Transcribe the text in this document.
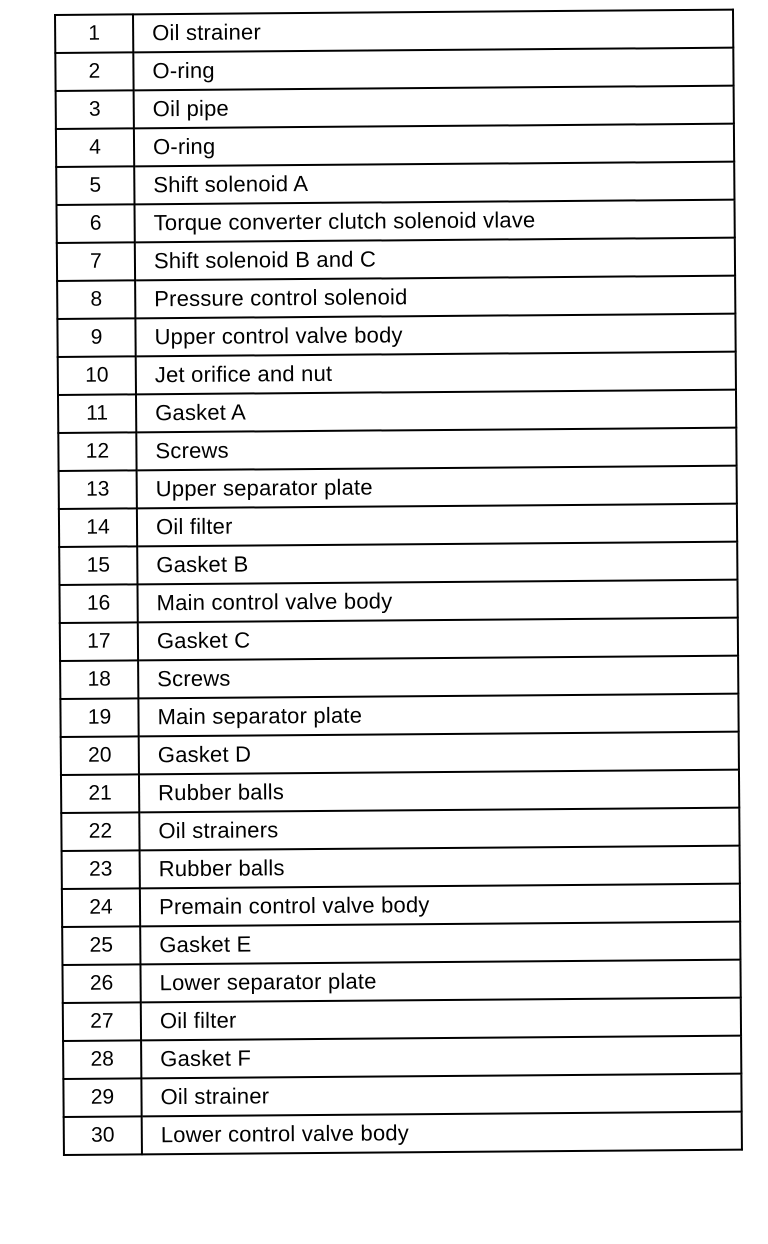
1	Oil strainer
2	O-ring
3	Oil pipe
4	O-ring
5	Shift solenoid A
6	Torque converter clutch solenoid vlave
7	Shift solenoid B and C
8	Pressure control solenoid
9	Upper control valve body
10	Jet orifice and nut
11	Gasket A
12	Screws
13	Upper separator plate
14	Oil filter
15	Gasket B
16	Main control valve body
17	Gasket C
18	Screws
19	Main separator plate
20	Gasket D
21	Rubber balls
22	Oil strainers
23	Rubber balls
24	Premain control valve body
25	Gasket E
26	Lower separator plate
27	Oil filter
28	Gasket F
29	Oil strainer
30	Lower control valve body
